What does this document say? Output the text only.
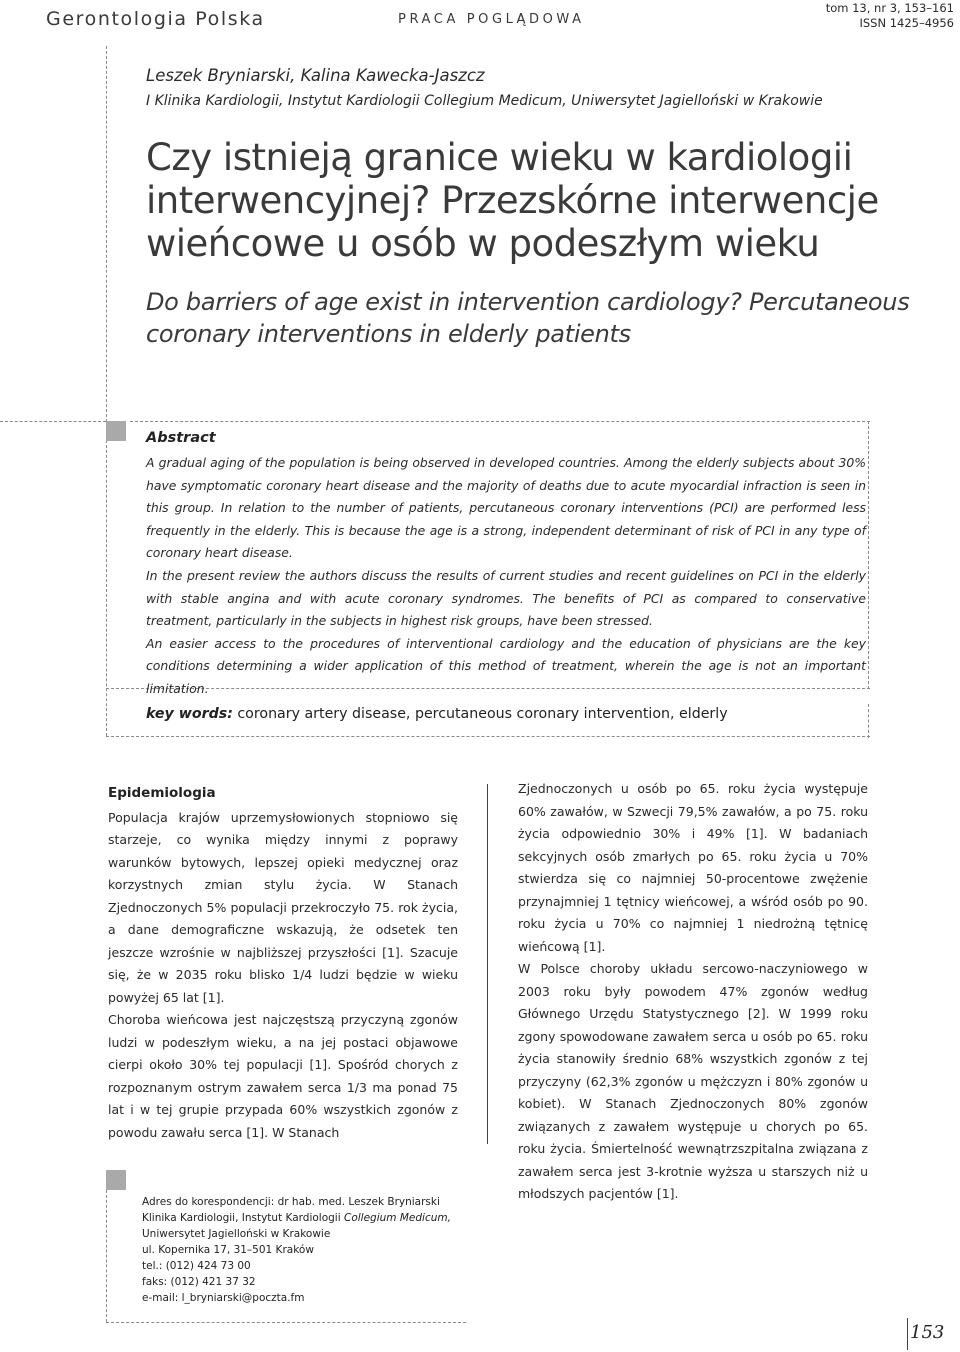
Gerontologia Polska	PRACA POGLĄDOWA
tom 13, nr 3, 153–161
ISSN 1425–4956
Leszek Bryniarski, Kalina Kawecka-Jaszcz
I Klinika Kardiologii, Instytut Kardiologii Collegium Medicum, Uniwersytet Jagielloński w Krakowie
Czy istnieją granice wieku w kardiologii interwencyjnej? Przezskórne interwencje wieńcowe u osób w podeszłym wieku
Do barriers of age exist in intervention cardiology? Percutaneous coronary interventions in elderly patients
Abstract

A gradual aging of the population is being observed in developed countries. Among the elderly subjects about 30% have symptomatic coronary heart disease and the majority of deaths due to acute myocardial infraction is seen in this group. In relation to the number of patients, percutaneous coronary interventions (PCI) are performed less frequently in the elderly. This is because the age is a strong, independent determinant of risk of PCI in any type of coronary heart disease.

In the present review the authors discuss the results of current studies and recent guidelines on PCI in the elderly with stable angina and with acute coronary syndromes. The benefits of PCI as compared to conservative treatment, particularly in the subjects in highest risk groups, have been stressed.

An easier access to the procedures of interventional cardiology and the education of physicians are the key conditions determining a wider application of this method of treatment, wherein the age is not an important limitation.

key words: coronary artery disease, percutaneous coronary intervention, elderly
Epidemiologia

Populacja krajów uprzemysłowionych stopniowo się starzeje, co wynika między innymi z poprawy warunków bytowych, lepszej opieki medycznej oraz korzystnych zmian stylu życia. W Stanach Zjednoczonych 5% populacji przekroczyło 75. rok życia, a dane demograficzne wskazują, że odsetek ten jeszcze wzrośnie w najbliższej przyszłości [1]. Szacuje się, że w 2035 roku blisko 1/4 ludzi będzie w wieku powyżej 65 lat [1].

Choroba wieńcowa jest najczęstszą przyczyną zgonów ludzi w podeszłym wieku, a na jej postaci objawowe cierpi około 30% tej populacji [1]. Spośród chorych z rozpoznanym ostrym zawałem serca 1/3 ma ponad 75 lat i w tej grupie przypada 60% wszystkich zgonów z powodu zawału serca [1]. W Stanach

Zjednoczonych u osób po 65. roku życia występuje 60% zawałów, w Szwecji 79,5% zawałów, a po 75. roku życia odpowiednio 30% i 49% [1]. W badaniach sekcyjnych osób zmarłych po 65. roku życia u 70% stwierdza się co najmniej 50-procentowe zwężenie przynajmniej 1 tętnicy wieńcowej, a wśród osób po 90. roku życia u 70% co najmniej 1 niedrożną tętnicę wieńcową [1].

W Polsce choroby układu sercowo-naczyniowego w 2003 roku były powodem 47% zgonów według Głównego Urzędu Statystycznego [2]. W 1999 roku zgony spowodowane zawałem serca u osób po 65. roku życia stanowiły średnio 68% wszystkich zgonów z tej przyczyny (62,3% zgonów u mężczyzn i 80% zgonów u kobiet). W Stanach Zjednoczonych 80% zgonów związanych z zawałem występuje u chorych po 65. roku życia. Śmiertelność wewnątrzszpitalna związana z zawałem serca jest 3-krotnie wyższa u starszych niż u młodszych pacjentów [1].

Adres do korespondencji: dr hab. med. Leszek Bryniarski
Klinika Kardiologii, Instytut Kardiologii Collegium Medicum,
Uniwersytet Jagielloński w Krakowie
ul. Kopernika 17, 31–501 Kraków
tel.: (012) 424 73 00
faks: (012) 421 37 32
e-mail: l_bryniarski@poczta.fm
153
